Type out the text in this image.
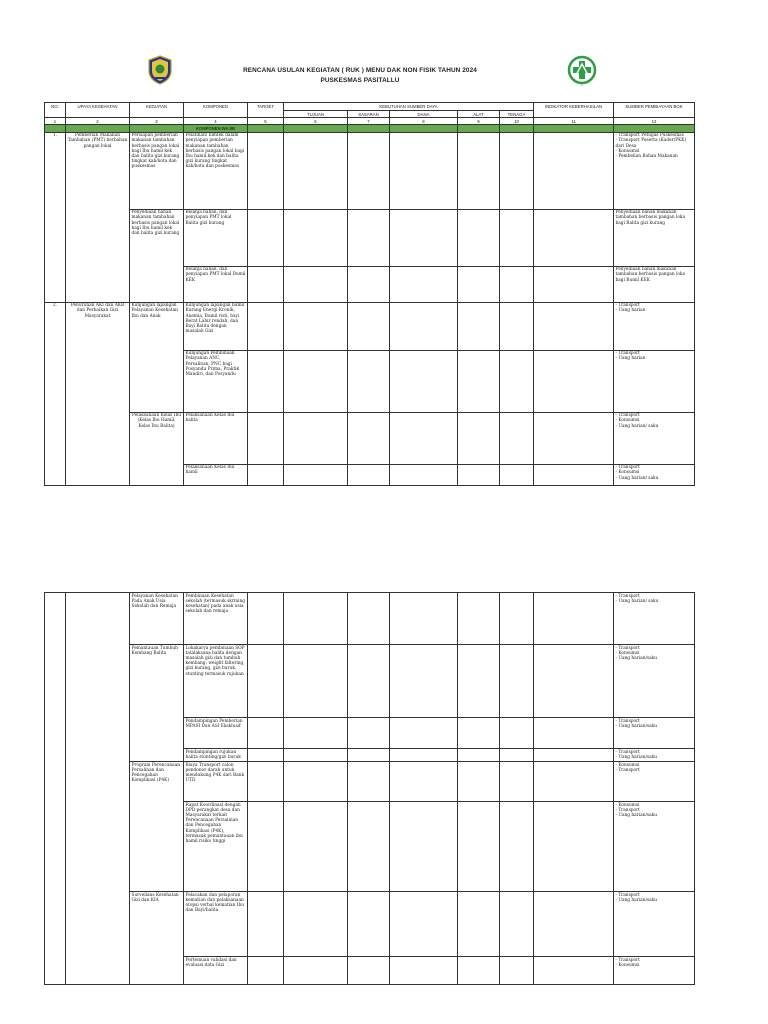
RENCANA USULAN KEGIATAN ( RUK ) MENU DAK NON FISIK TAHUN 2024
PUSKESMAS PASITALLU
NO.	UPAYA KESEHATAN	KEGIATAN	KOMPONEN	TARGET	KEBUTUHAN SUMBER DAYA					INDIKATOR KEBERHASILAN	SUMBER PEMBIAYAAN BOK
					TUJUAN	SASARAN	DANA	ALAT	TENAGA		
1	2	3	4	5	6	7	8	9	10	11	12
			KOMPONEN WAJIB								
1.	Pemberian Makanan Tambahan (PMT) berbahan pangan lokal	Persiapan pemberian makanan tambahan berbasis pangan lokal bagi Ibu hamil kek dan balita gizi kurang tingkat kab/kota dan puskesmas	Pelatihan/ bimtek dalam penyiapan pemberian makanan tambahan berbasis pangan lokal bagi Ibu hamil kek dan balita gizi kurang tingkat kab/kota dan puskesmas								- Transport Petugas Puskesmas
- Transport Peserta (Kader/PKK) dari Desa
- Konsumsi
- Pembelian Bahan Makanan
		Penyediaan bahan makanan tambahan berbasis pangan lokal bagi Ibu hamil kek dan balita gizi kurang	Belanja bahan, dan penyiapan PMT lokal Balita gizi kurang								Penyediaan bahan makanan tambahan berbasis pangan loka bagi Balita gizi kurang
			Belanja bahan, dan penyiapan PMT lokal Bumil KEK								Penyediaan bahan makanan tambahan berbasis pangan loka bagi Bumil KEK
2.	Penurunan AKI dan AKB dan Perbaikan Gizi Masyarakat	Kunjungan lapangan Pelayanan Kesehatan Ibu dan Anak	Kunjungan lapangan bumil Kurang Energi Kronik, Anemia, Bumil risti, bayi Berat Lahir rendah, dan Bayi Balita dengan masalah Gizi								- Transport
- Uang harian
			Kunjungan Pembinaan Pelayanan ANC, Persalinan, PNC bagi Posyandu Prima, Praktik Mandiri, dan Posyandu								- Transport
- Uang harian
		Pelaksanaan Kelas Ibu (Kelas Ibu Hamil, Kelas Ibu Balita)	Pelaksanaan Kelas Ibu balita								- Transport
- Konsumsi
- Uang harian/ saku
			Pelaksanaan Kelas Ibu hamil								- Transport
- Konsumsi
- Uang harian/ saku
		Pelayanan Kesehatan Pada Anak Usia Sekolah dan Remaja	Pembinaan Kesehatan sekolah (termasuk skrining kesehatan) pada anak usia sekolah dan remaja								- Transport
- Uang harian/ saku
		Pemantauan Tumbuh Kembang Balita	Lokakarya pembinaan SOP tatalaksana balita dengan masalah gizi dan tumbuh kembang: weight faltering, gizi kurang, gizi buruk, stunting termasuk rujukan								- Transport
- Konsumsi
- Uang harian/saku
			Pendampingan Pemberian MPASI Dan ASI Eksklusif								- Transport
- Uang harian/saku
			Pendampingan rujukan balita stunting/gizi buruk								- Transport
- Uang harian/saku
		Program Perencanaan Persalinan dan Pencegahan Komplikasi (P4K)	Biaya Transport calon pendonor darah untuk mendukung P4K dari Bank UTD								- Konsumsi
- Transport
			Rapat Koordinasi dengan DPD perangkat desa dan Masyarakat terkait Perencanaan Persalinan dan Pencegahan Komplikasi (P4K), termasuk pemantauan ibu hamil risiko tinggi								- Konsumsi
- Transport
- Uang harian/saku
		Surveilans Kesehatan Gizi dan KIA	Pelacakan dan pelaporan kematian dan pelaksanaan otopsi verbal kematian Ibu dan Bayi/balita								- Transport
- Uang harian/saku
			Pertemuan validasi dan evaluasi data Gizi								- Transport
- Konsumsi
